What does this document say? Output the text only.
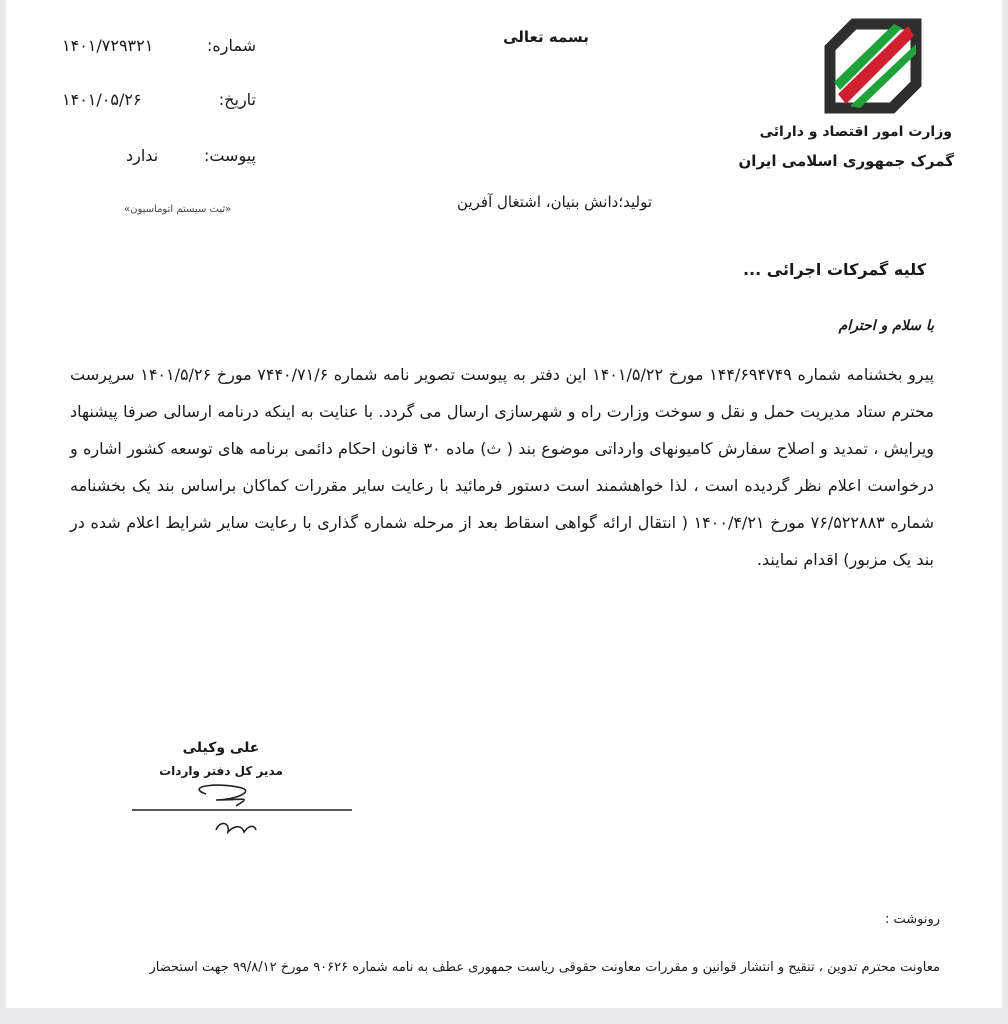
وزارت امور اقتصاد و دارائی
گمرک جمهوری اسلامی ایران
بسمه تعالی
شماره:
۱۴۰۱/۷۲۹۳۲۱
تاریخ:
۱۴۰۱/۰۵/۲۶
پیوست:
ندارد
«ثبت سیستم اتوماسیون»	تولید؛دانش بنیان، اشتغال آفرین
کلیه گمرکات اجرائی ...
با سلام و احترام
پیرو بخشنامه شماره ۱۴۴/۶۹۴۷۴۹ مورخ ۱۴۰۱/۵/۲۲ این دفتر به پیوست تصویر نامه شماره ۷۴۴۰/۷۱/۶ مورخ ۱۴۰۱/۵/۲۶ سرپرست محترم ستاد مدیریت حمل و نقل و سوخت وزارت راه و شهرسازی ارسال می گردد. با عنایت به اینکه درنامه ارسالی صرفا پیشنهاد ویرایش ، تمدید و اصلاح سفارش کامیونهای وارداتی موضوع بند ( ث) ماده ۳۰ قانون احکام دائمی برنامه های توسعه کشور اشاره و درخواست اعلام نظر گردیده است ، لذا خواهشمند است دستور فرمائید با رعایت سایر مقررات کماکان براساس بند یک بخشنامه شماره ۷۶/۵۲۲۸۸۳ مورخ ۱۴۰۰/۴/۲۱ ( انتقال ارائه گواهی اسقاط بعد از مرحله شماره گذاری با رعایت سایر شرایط اعلام شده در بند یک مزبور) اقدام نمایند.
علی وکیلی
مدیر کل دفتر واردات
رونوشت :
معاونت محترم تدوین ، تنقیح و انتشار قوانین و مقررات معاونت حقوقی ریاست جمهوری عطف به نامه شماره ۹۰۶۲۶ مورخ ۹۹/۸/۱۲ جهت استحضار
